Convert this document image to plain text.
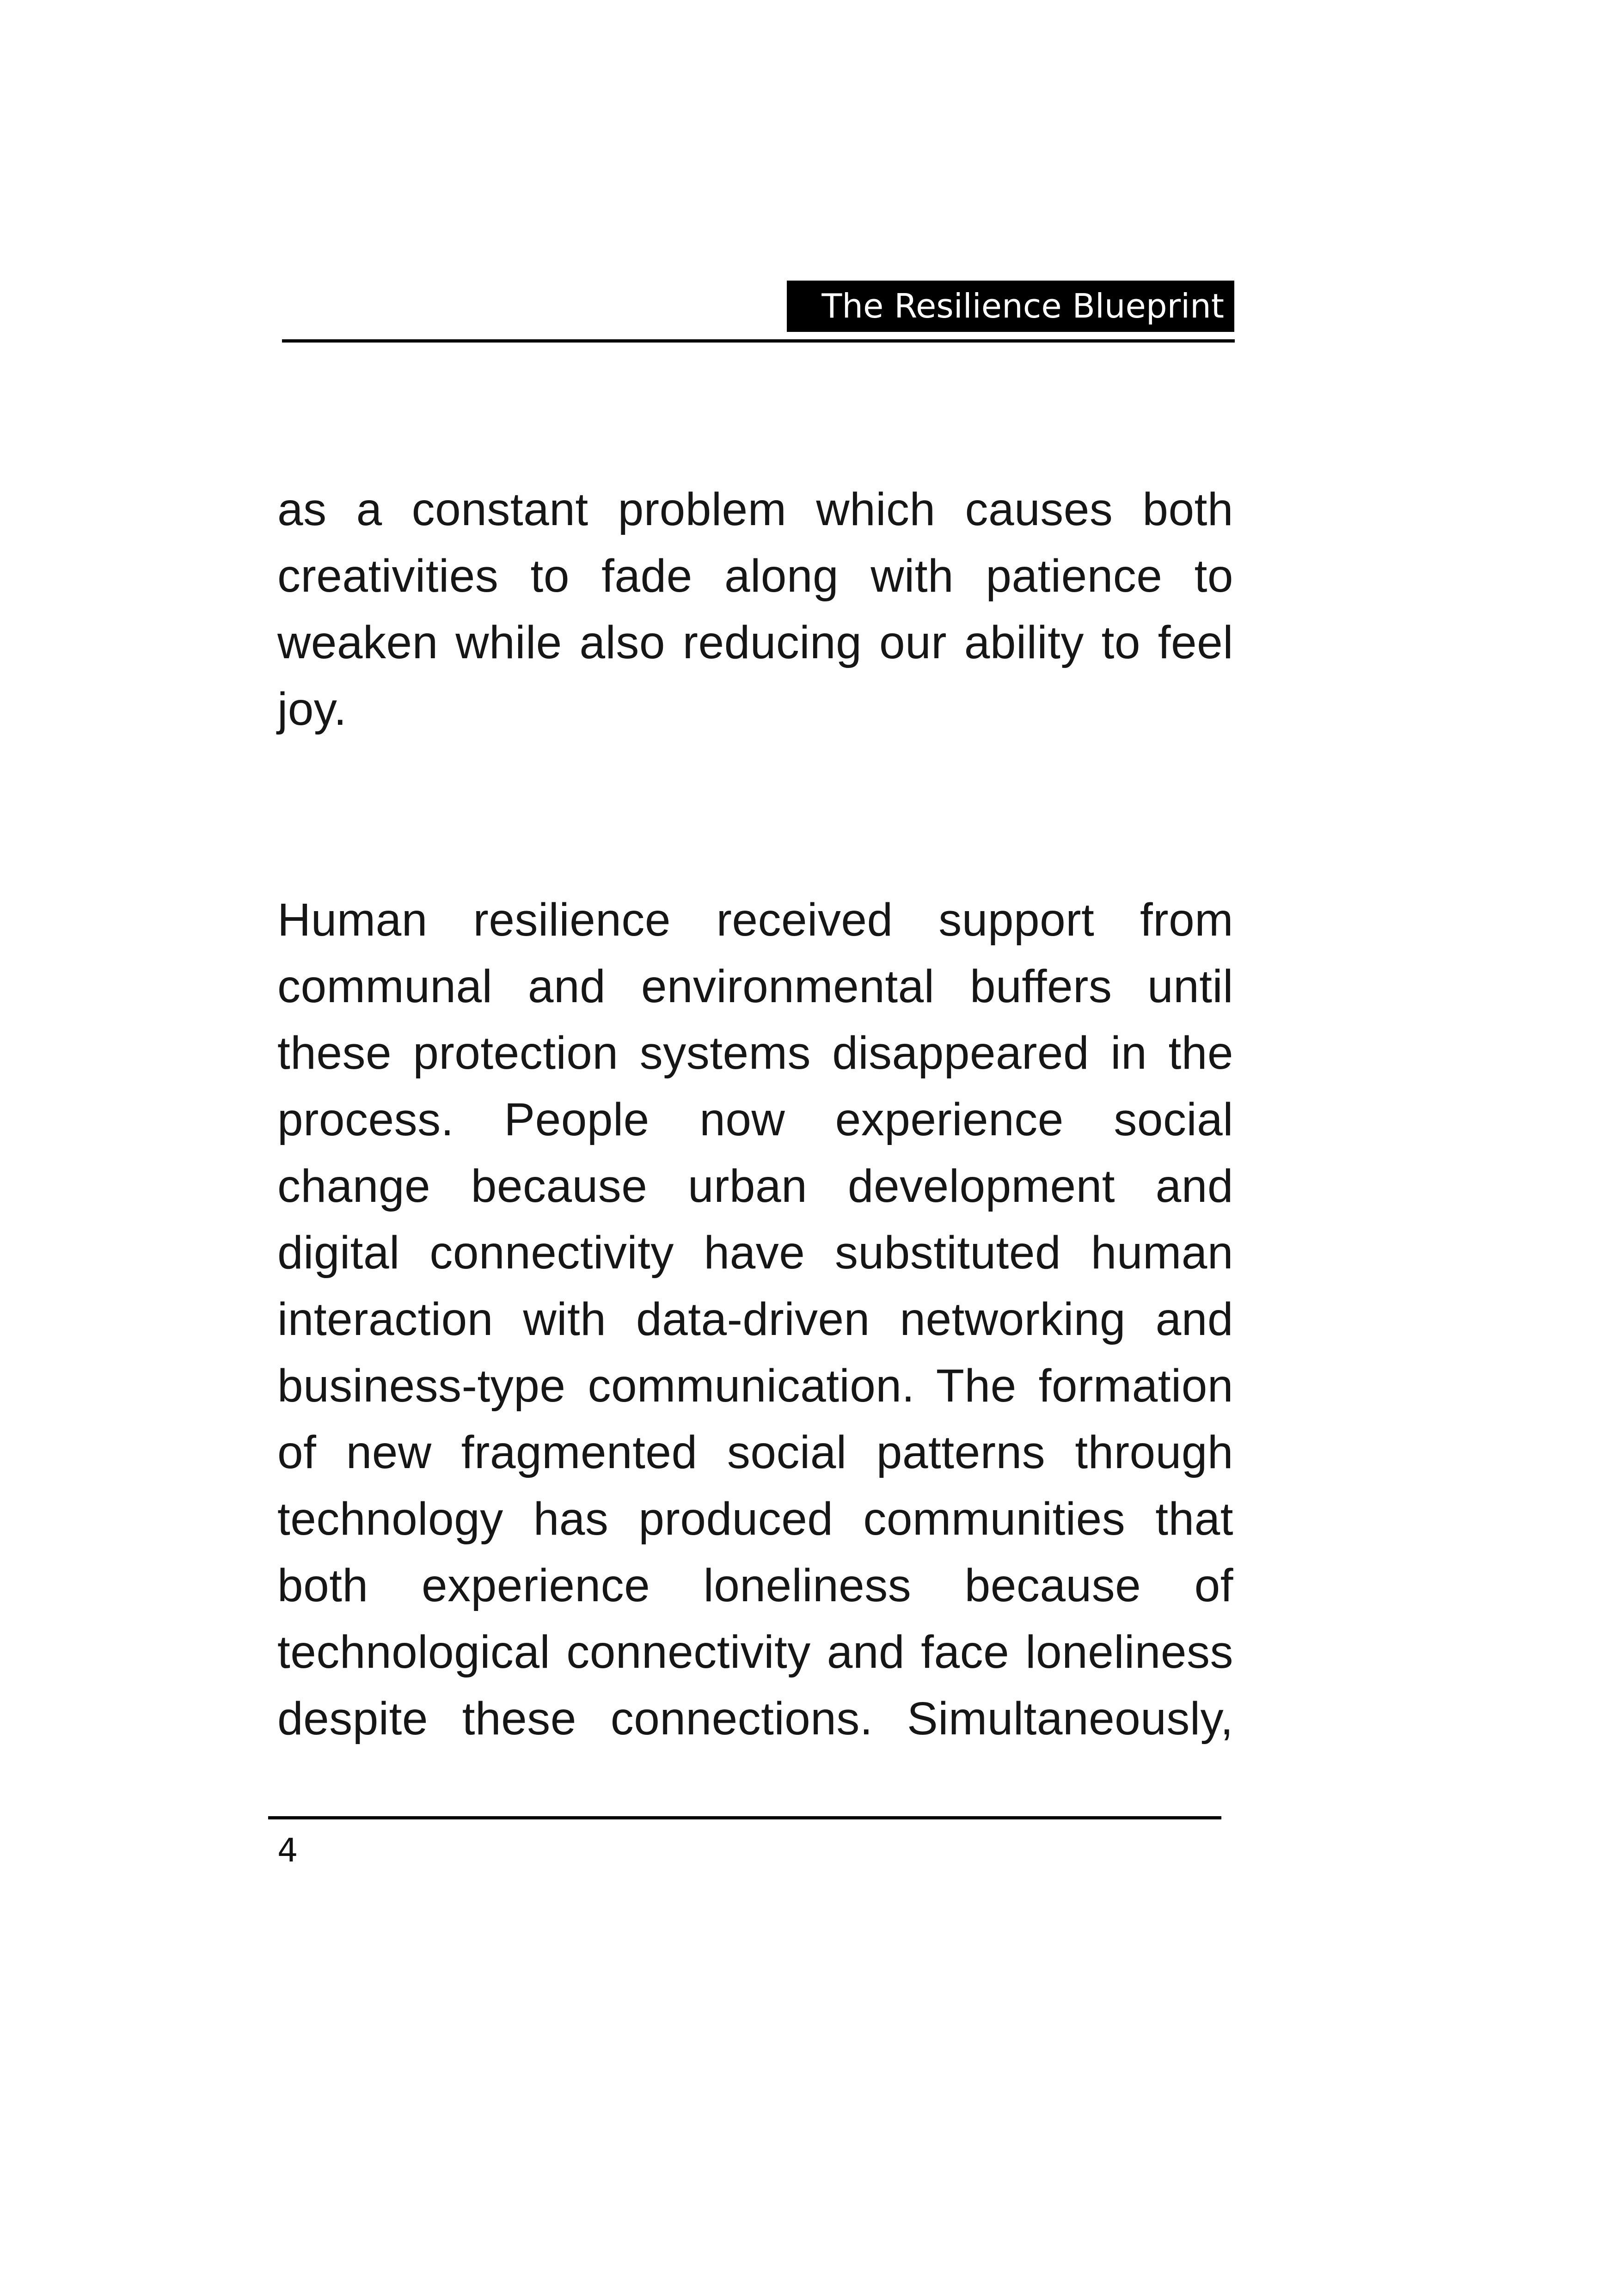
The Resilience Blueprint

as a constant problem which causes both creativities to fade along with patience to weaken while also reducing our ability to feel joy.

Human resilience received support from communal and environmental buffers until these protection systems disappeared in the process. People now experience social change because urban development and digital connectivity have substituted human interaction with data-driven networking and business-type communication. The formation of new fragmented social patterns through technology has produced communities that both experience loneliness because of technological connectivity and face loneliness despite these connections. Simultaneously,

4
